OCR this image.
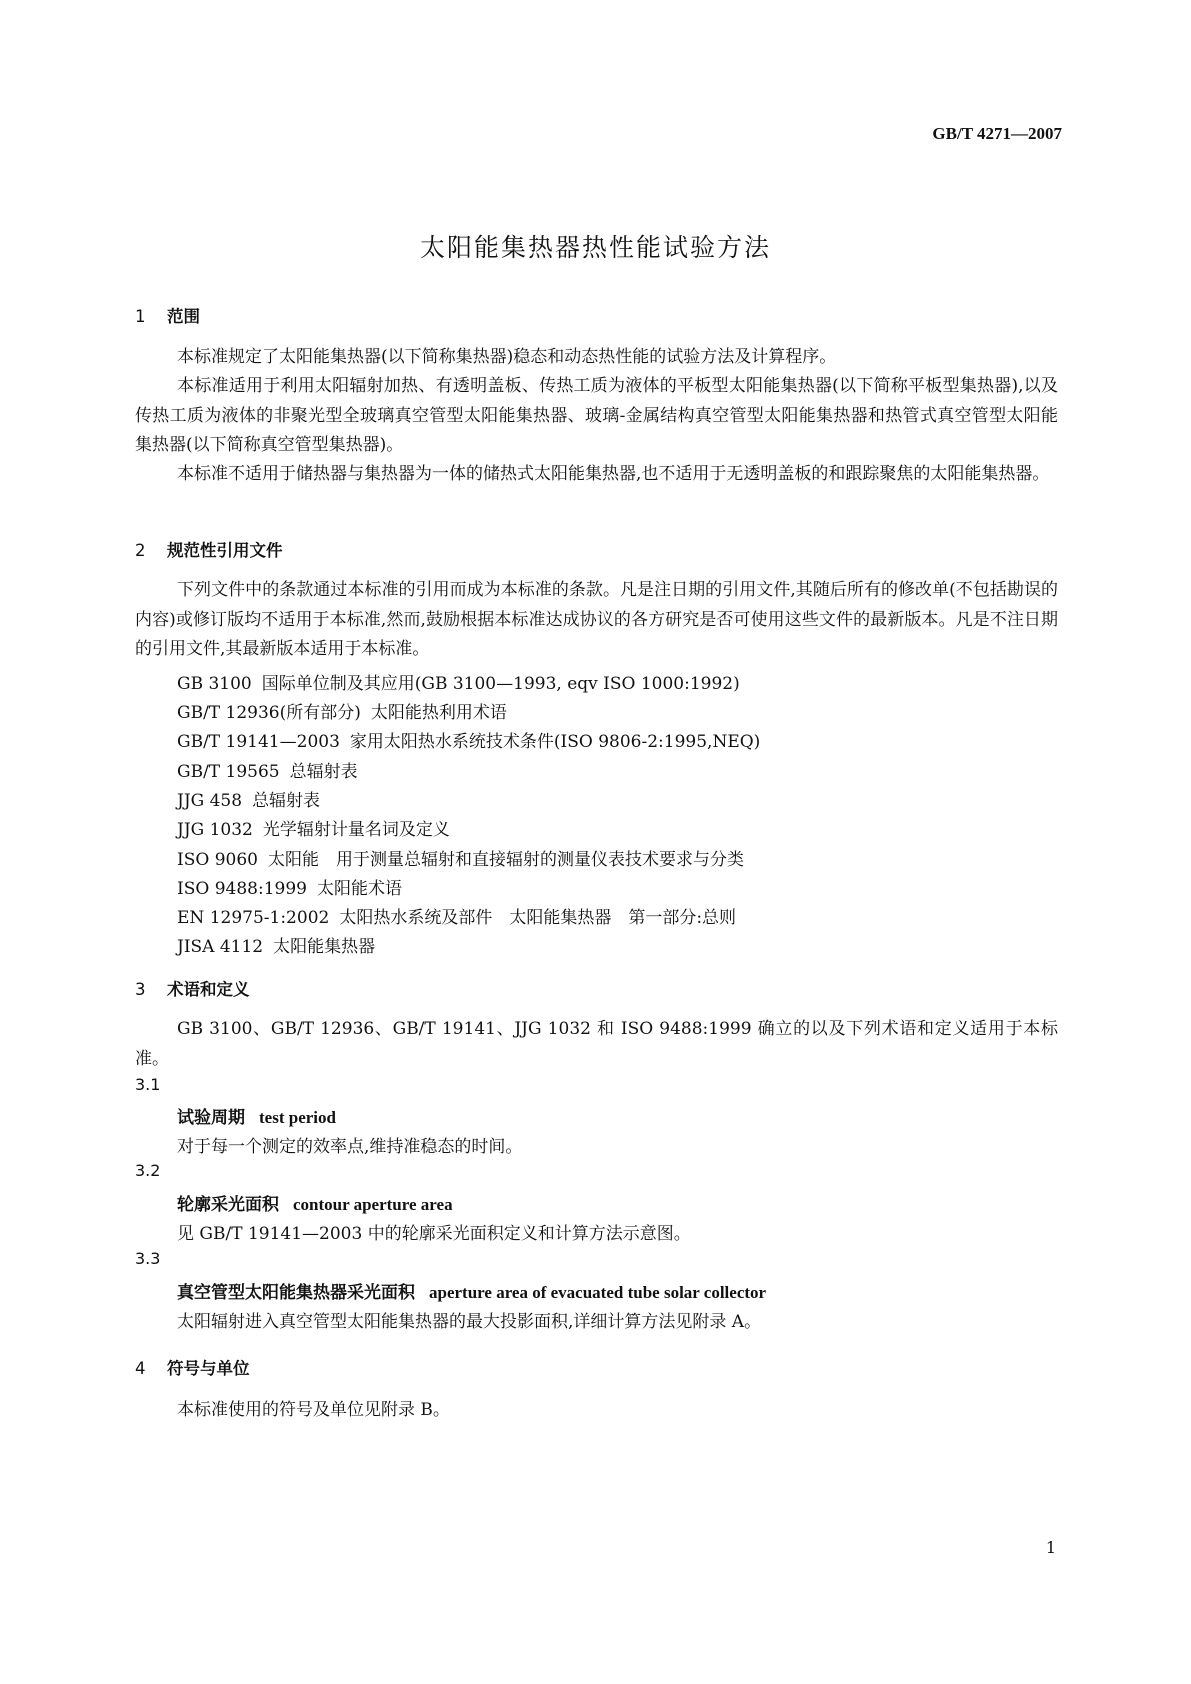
GB/T 4271—2007
太阳能集热器热性能试验方法
1 范围
本标准规定了太阳能集热器(以下简称集热器)稳态和动态热性能的试验方法及计算程序。
本标准适用于利用太阳辐射加热、有透明盖板、传热工质为液体的平板型太阳能集热器(以下简称平板型集热器),以及传热工质为液体的非聚光型全玻璃真空管型太阳能集热器、玻璃-金属结构真空管型太阳能集热器和热管式真空管型太阳能集热器(以下简称真空管型集热器)。
本标准不适用于储热器与集热器为一体的储热式太阳能集热器,也不适用于无透明盖板的和跟踪聚焦的太阳能集热器。
2 规范性引用文件
下列文件中的条款通过本标准的引用而成为本标准的条款。凡是注日期的引用文件,其随后所有的修改单(不包括勘误的内容)或修订版均不适用于本标准,然而,鼓励根据本标准达成协议的各方研究是否可使用这些文件的最新版本。凡是不注日期的引用文件,其最新版本适用于本标准。
GB 3100 国际单位制及其应用(GB 3100—1993, eqv ISO 1000:1992)
GB/T 12936(所有部分) 太阳能热利用术语
GB/T 19141—2003 家用太阳热水系统技术条件(ISO 9806-2:1995,NEQ)
GB/T 19565 总辐射表
JJG 458 总辐射表
JJG 1032 光学辐射计量名词及定义
ISO 9060 太阳能　用于测量总辐射和直接辐射的测量仪表技术要求与分类
ISO 9488:1999 太阳能术语
EN 12975-1:2002 太阳热水系统及部件　太阳能集热器　第一部分:总则
JISA 4112 太阳能集热器
3 术语和定义
GB 3100、GB/T 12936、GB/T 19141、JJG 1032 和 ISO 9488:1999 确立的以及下列术语和定义适用于本标准。
3.1
试验周期 test period
对于每一个测定的效率点,维持准稳态的时间。
3.2
轮廓采光面积 contour aperture area
见 GB/T 19141—2003 中的轮廓采光面积定义和计算方法示意图。
3.3
真空管型太阳能集热器采光面积 aperture area of evacuated tube solar collector
太阳辐射进入真空管型太阳能集热器的最大投影面积,详细计算方法见附录 A。
4 符号与单位
本标准使用的符号及单位见附录 B。
1
